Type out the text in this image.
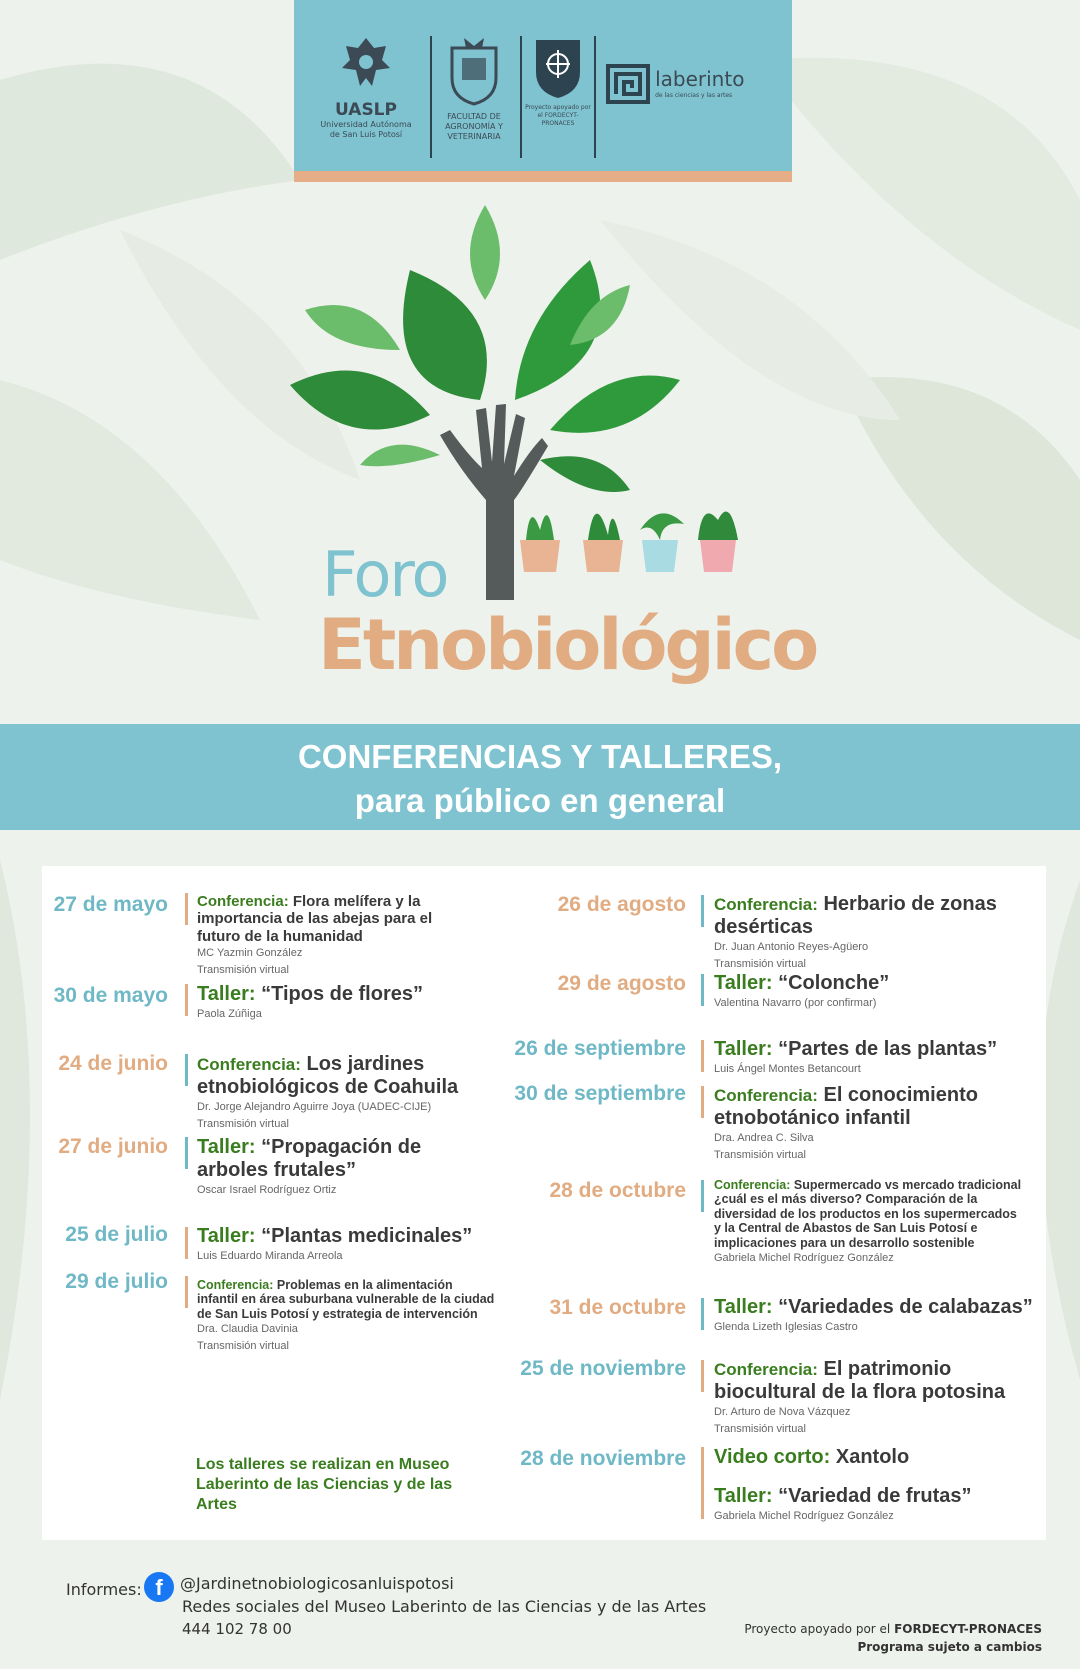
UASLP
Universidad Autónoma de San Luis Potosí
FACULTAD DE AGRONOMÍA Y VETERINARIA
Proyecto apoyado por el FORDECYT-PRONACES

laberinto
de las ciencias y las artes
Foro
Etnobiológico
CONFERENCIAS Y TALLERES,
para público en general
27 de mayo Conferencia: Flora melífera y la importancia de las abejas para el futuro de la humanidad
MC Yazmin González
Transmisión virtual
30 de mayo Taller: “Tipos de flores”
Paola Zúñiga
24 de junio Conferencia: Los jardines etnobiológicos de Coahuila
Dr. Jorge Alejandro Aguirre Joya (UADEC-CIJE)
Transmisión virtual
27 de junio Taller: “Propagación de arboles frutales”
Oscar Israel Rodríguez Ortiz
25 de julio Taller: “Plantas medicinales”
Luis Eduardo Miranda Arreola
29 de julio Conferencia: Problemas en la alimentación infantil en área suburbana vulnerable de la ciudad de San Luis Potosí y estrategia de intervención
Dra. Claudia Davinia
Transmisión virtual
Los talleres se realizan en Museo Laberinto de las Ciencias y de las Artes
26 de agosto Conferencia: Herbario de zonas desérticas
Dr. Juan Antonio Reyes-Agüero
Transmisión virtual
29 de agosto Taller: “Colonche”
Valentina Navarro (por confirmar)
26 de septiembre Taller: “Partes de las plantas”
Luis Ángel Montes Betancourt
30 de septiembre Conferencia: El conocimiento etnobotánico infantil
Dra. Andrea C. Silva
Transmisión virtual
28 de octubre Conferencia: Supermercado vs mercado tradicional ¿cuál es el más diverso? Comparación de la diversidad de los productos en los supermercados y la Central de Abastos de San Luis Potosí e implicaciones para un desarrollo sostenible
Gabriela Michel Rodríguez González
31 de octubre Taller: “Variedades de calabazas”
Glenda Lizeth Iglesias Castro
25 de noviembre Conferencia: El patrimonio biocultural de la flora potosina
Dr. Arturo de Nova Vázquez
Transmisión virtual
28 de noviembre Video corto: Xantolo
Taller: “Variedad de frutas”
Gabriela Michel Rodríguez González
Informes: f	@Jardinetnobiologicosanluispotosi
Redes sociales del Museo Laberinto de las Ciencias y de las Artes
444 102 78 00	Proyecto apoyado por el FORDECYT-PRONACES
Programa sujeto a cambios
